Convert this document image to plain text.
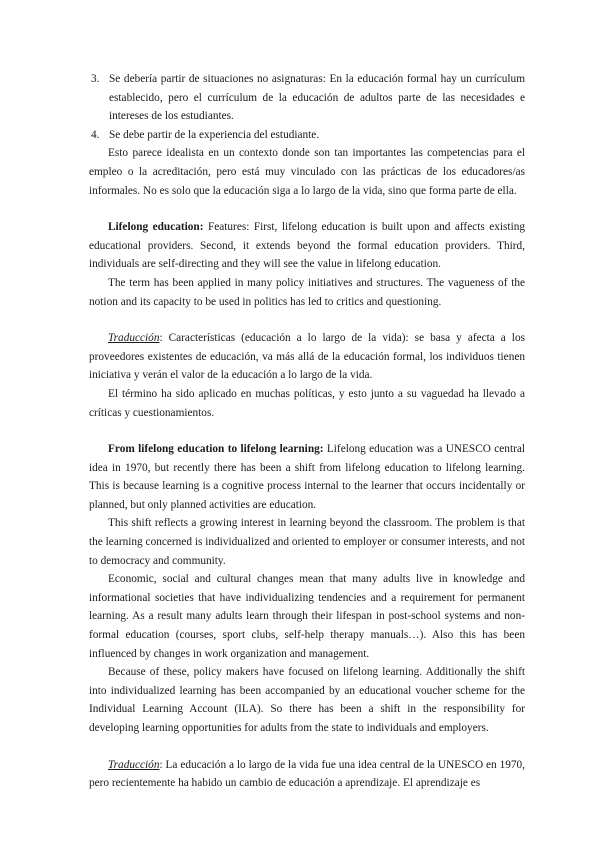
3. Se debería partir de situaciones no asignaturas: En la educación formal hay un currículum establecido, pero el currículum de la educación de adultos parte de las necesidades e intereses de los estudiantes.
4. Se debe partir de la experiencia del estudiante.

Esto parece idealista en un contexto donde son tan importantes las competencias para el empleo o la acreditación, pero está muy vinculado con las prácticas de los educadores/as informales. No es solo que la educación siga a lo largo de la vida, sino que forma parte de ella.

Lifelong education: Features: First, lifelong education is built upon and affects existing educational providers. Second, it extends beyond the formal education providers. Third, individuals are self-directing and they will see the value in lifelong education.

The term has been applied in many policy initiatives and structures. The vagueness of the notion and its capacity to be used in politics has led to critics and questioning.

Traducción: Características (educación a lo largo de la vida): se basa y afecta a los proveedores existentes de educación, va más allá de la educación formal, los individuos tienen iniciativa y verán el valor de la educación a lo largo de la vida.

El término ha sido aplicado en muchas políticas, y esto junto a su vaguedad ha llevado a críticas y cuestionamientos.

From lifelong education to lifelong learning: Lifelong education was a UNESCO central idea in 1970, but recently there has been a shift from lifelong education to lifelong learning. This is because learning is a cognitive process internal to the learner that occurs incidentally or planned, but only planned activities are education.

This shift reflects a growing interest in learning beyond the classroom. The problem is that the learning concerned is individualized and oriented to employer or consumer interests, and not to democracy and community.

Economic, social and cultural changes mean that many adults live in knowledge and informational societies that have individualizing tendencies and a requirement for permanent learning. As a result many adults learn through their lifespan in post-school systems and non-formal education (courses, sport clubs, self-help therapy manuals…). Also this has been influenced by changes in work organization and management.

Because of these, policy makers have focused on lifelong learning. Additionally the shift into individualized learning has been accompanied by an educational voucher scheme for the Individual Learning Account (ILA). So there has been a shift in the responsibility for developing learning opportunities for adults from the state to individuals and employers.

Traducción: La educación a lo largo de la vida fue una idea central de la UNESCO en 1970, pero recientemente ha habido un cambio de educación a aprendizaje. El aprendizaje es
